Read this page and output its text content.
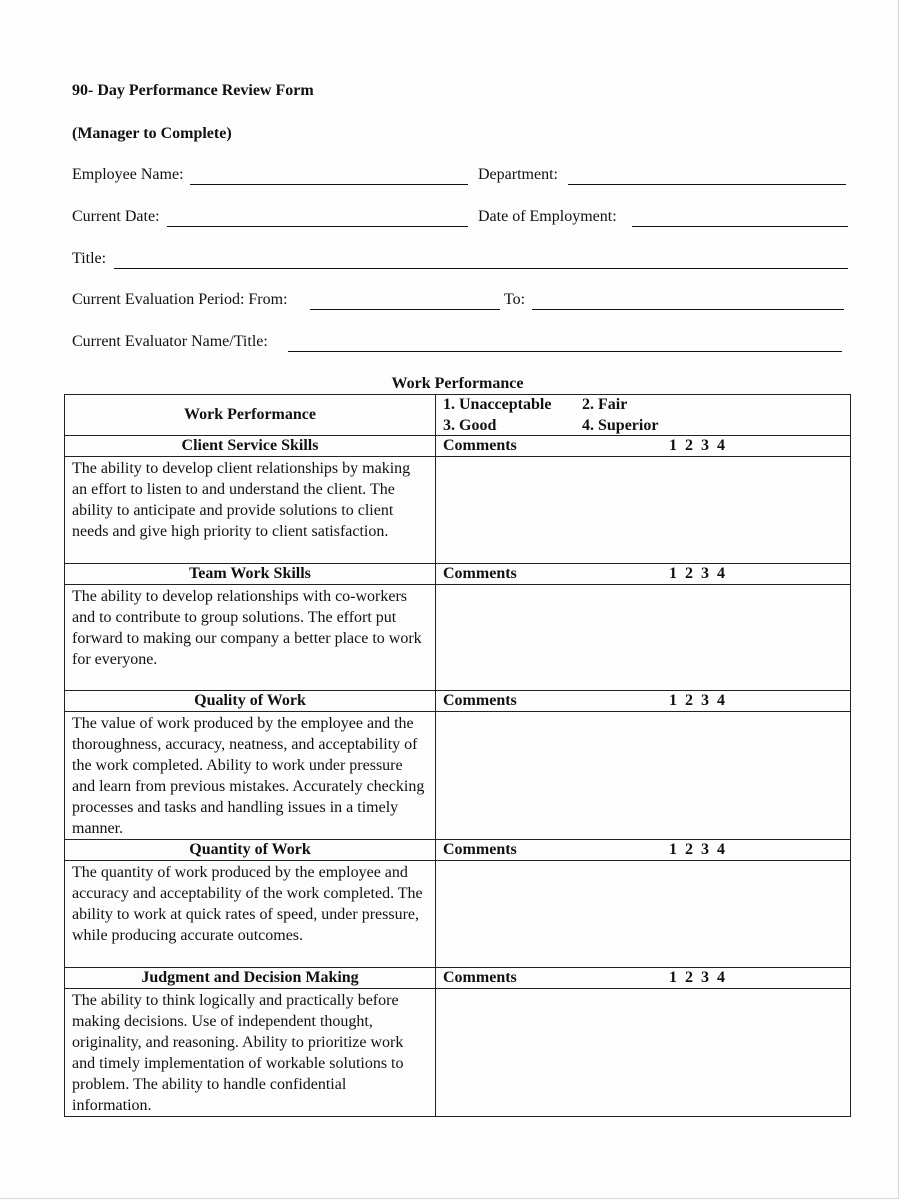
90- Day Performance Review Form
(Manager to Complete)
Employee Name:	Department:
Current Date:	Date of Employment:
Title:
Current Evaluation Period: From:	To:
Current Evaluator Name/Title:
Work Performance
Work Performance	1. Unacceptable 2. Fair
3. Good 4. Superior

Client Service Skills	Comments 1 2 3 4

The ability to develop client relationships by making an effort to listen to and understand the client. The ability to anticipate and provide solutions to client needs and give high priority to client satisfaction.	
Team Work Skills	Comments 1 2 3 4

The ability to develop relationships with co-workers and to contribute to group solutions. The effort put forward to making our company a better place to work for everyone.	
Quality of Work	Comments 1 2 3 4

The value of work produced by the employee and the thoroughness, accuracy, neatness, and acceptability of the work completed. Ability to work under pressure and learn from previous mistakes. Accurately checking processes and tasks and handling issues in a timely manner.	
Quantity of Work	Comments 1 2 3 4

The quantity of work produced by the employee and accuracy and acceptability of the work completed. The ability to work at quick rates of speed, under pressure, while producing accurate outcomes.	
Judgment and Decision Making	Comments 1 2 3 4

The ability to think logically and practically before making decisions. Use of independent thought, originality, and reasoning. Ability to prioritize work and timely implementation of workable solutions to problem. The ability to handle confidential information.	
